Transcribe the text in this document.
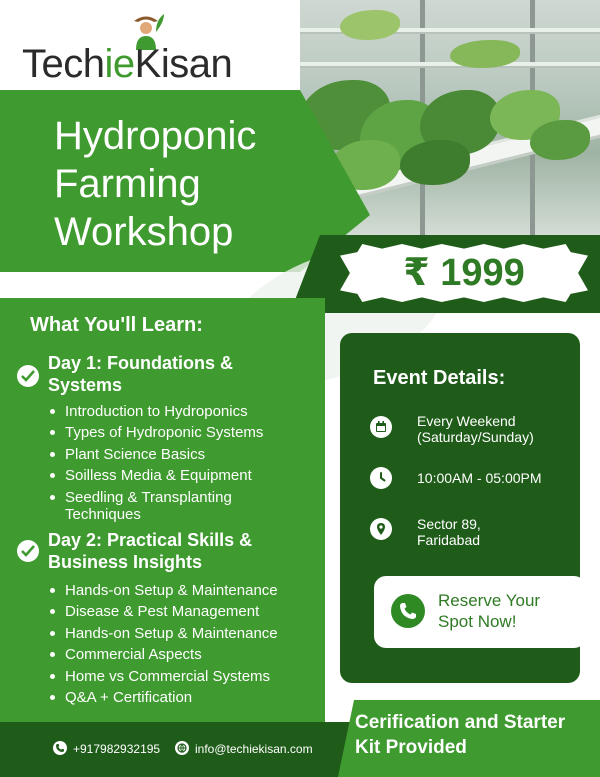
TechieKisan
Hydroponic
Farming
Workshop
₹ 1999
What You'll Learn:
Day 1: Foundations & Systems
Introduction to Hydroponics
Types of Hydroponic Systems
Plant Science Basics
Soilless Media & Equipment
Seedling & Transplanting Techniques
Day 2: Practical Skills & Business Insights
Hands-on Setup & Maintenance
Disease & Pest Management
Hands-on Setup & Maintenance
Commercial Aspects
Home vs Commercial Systems
Q&A + Certification
Event Details:
Every Weekend (Saturday/Sunday)
10:00AM - 05:00PM
Sector 89, Faridabad
Reserve Your Spot Now!
Cerification and Starter Kit Provided
+917982932195	info@techiekisan.com
